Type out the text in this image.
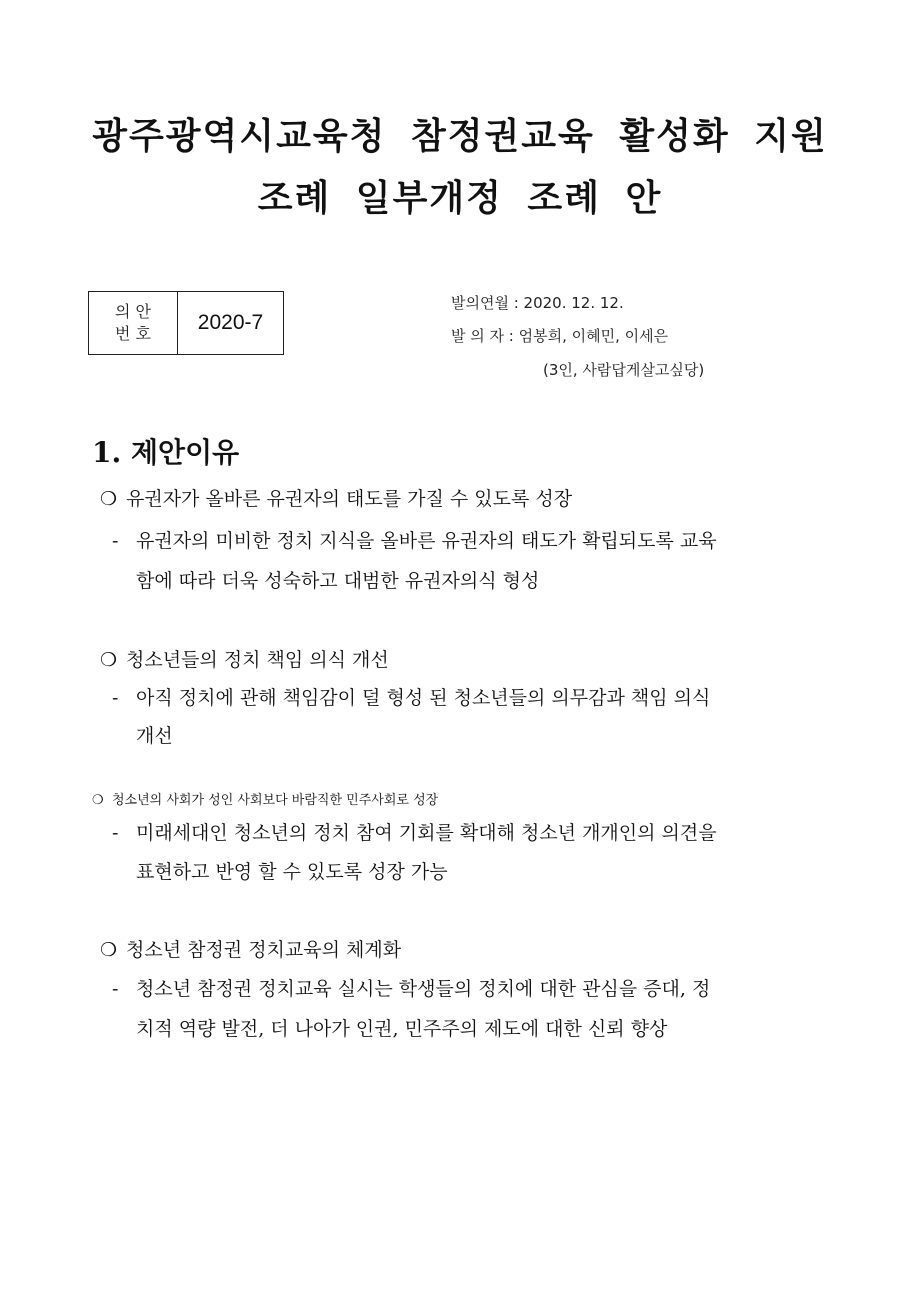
광주광역시교육청 참정권교육 활성화 지원
조례 일부개정 조례 안
의 안
번 호	2020-7
발의연월 : 2020. 12. 12.
발 의 자 : 엄봉희, 이혜민, 이세은
(3인, 사람답게살고싶당)
1. 제안이유
❍ 유권자가 올바른 유권자의 태도를 가질 수 있도록 성장
- 유권자의 미비한 정치 지식을 올바른 유권자의 태도가 확립되도록 교육
함에 따라 더욱 성숙하고 대범한 유권자의식 형성
❍ 청소년들의 정치 책임 의식 개선
- 아직 정치에 관해 책임감이 덜 형성 된 청소년들의 의무감과 책임 의식
개선
❍ 청소년의 사회가 성인 사회보다 바람직한 민주사회로 성장
- 미래세대인 청소년의 정치 참여 기회를 확대해 청소년 개개인의 의견을
표현하고 반영 할 수 있도록 성장 가능
❍ 청소년 참정권 정치교육의 체계화
- 청소년 참정권 정치교육 실시는 학생들의 정치에 대한 관심을 증대, 정
치적 역량 발전, 더 나아가 인권, 민주주의 제도에 대한 신뢰 향상
